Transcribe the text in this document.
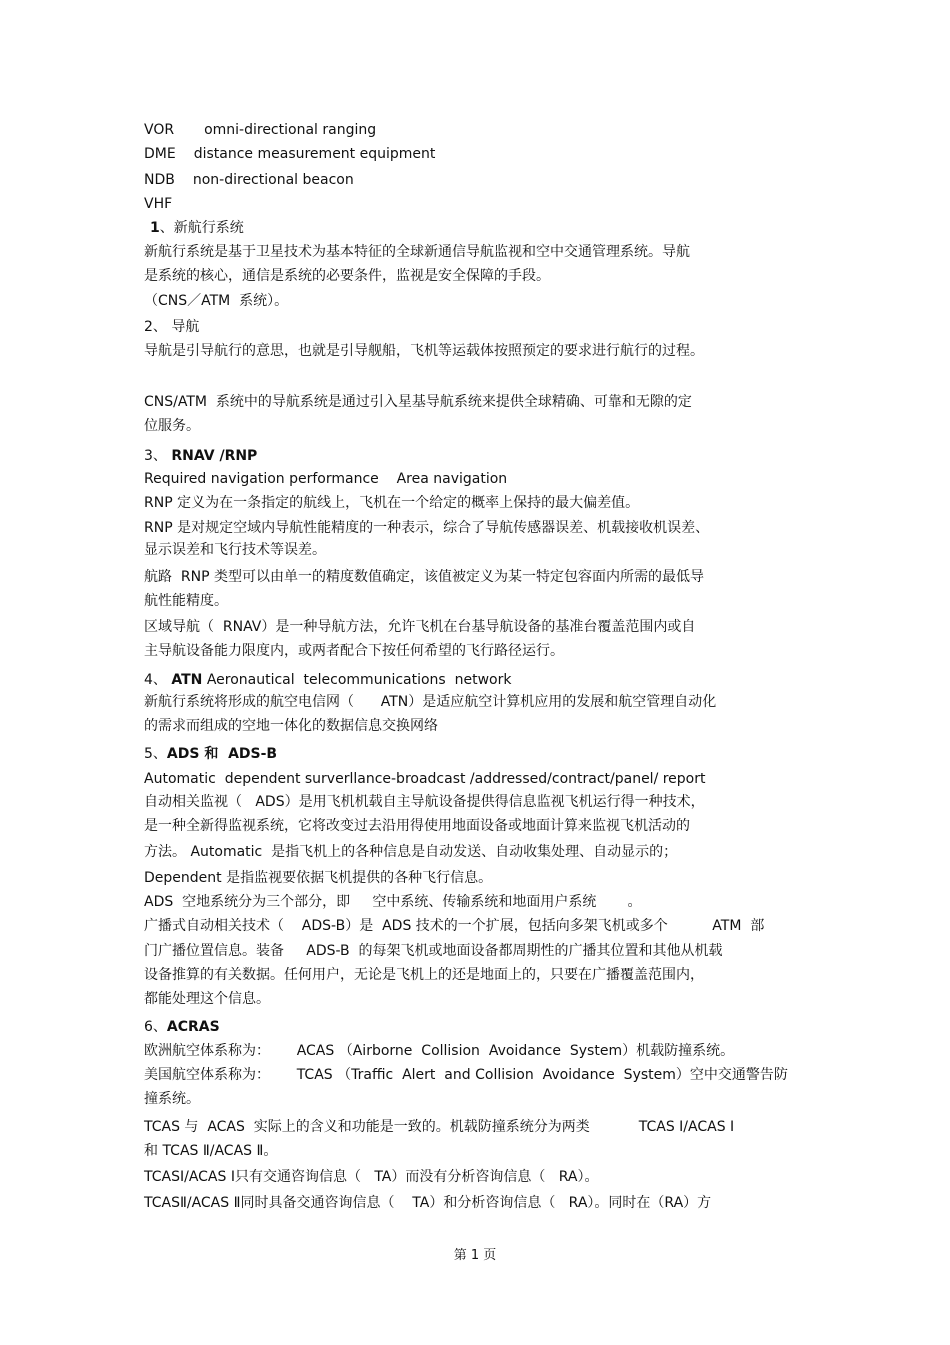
VOR omni-directional ranging
DME distance measurement equipment
NDB non-directional beacon
VHF
1、新航行系统
新航行系统是基于卫星技术为基本特征的全球新通信导航监视和空中交通管理系统。导航
是系统的核心，通信是系统的必要条件，监视是安全保障的手段。
（CNS／ATM  系统）。
2、 导航
导航是引导航行的意思，也就是引导舰船，飞机等运载体按照预定的要求进行航行的过程。
CNS/ATM  系统中的导航系统是通过引入星基导航系统来提供全球精确、可靠和无隙的定
位服务。
3、 RNAV /RNP
Required navigation performance    Area navigation
RNP 定义为在一条指定的航线上，飞机在一个给定的概率上保持的最大偏差值。
RNP 是对规定空域内导航性能精度的一种表示，综合了导航传感器误差、机载接收机误差、
显示误差和飞行技术等误差。
航路  RNP 类型可以由单一的精度数值确定，该值被定义为某一特定包容面内所需的最低导
航性能精度。
区域导航（  RNAV）是一种导航方法，允许飞机在台基导航设备的基准台覆盖范围内或自
主导航设备能力限度内，或两者配合下按任何希望的飞行路径运行。
4、 ATN Aeronautical  telecommunications  network
新航行系统将形成的航空电信网（      ATN）是适应航空计算机应用的发展和航空管理自动化
的需求而组成的空地一体化的数据信息交换网络
5、ADS 和  ADS-B
Automatic  dependent surverllance-broadcast /addressed/contract/panel/ report
自动相关监视（   ADS）是用飞机机载自主导航设备提供得信息监视飞机运行得一种技术，
是一种全新得监视系统，它将改变过去沿用得使用地面设备或地面计算来监视飞机活动的
方法。 Automatic  是指飞机上的各种信息是自动发送、自动收集处理、自动显示的；
Dependent 是指监视要依据飞机提供的各种飞行信息。
ADS  空地系统分为三个部分，即     空中系统、传输系统和地面用户系统       。
广播式自动相关技术（    ADS-B）是  ADS 技术的一个扩展，包括向多架飞机或多个          ATM  部
门广播位置信息。装备     ADS-B  的每架飞机或地面设备都周期性的广播其位置和其他从机载
设备推算的有关数据。任何用户，无论是飞机上的还是地面上的，只要在广播覆盖范围内，
都能处理这个信息。
6、ACRAS
欧洲航空体系称为：      ACAS （Airborne  Collision  Avoidance  System）机载防撞系统。
美国航空体系称为：      TCAS （Traffic  Alert  and Collision  Avoidance  System）空中交通警告防
撞系统。
TCAS 与  ACAS  实际上的含义和功能是一致的。机载防撞系统分为两类           TCAS Ⅰ/ACAS Ⅰ
和 TCAS Ⅱ/ACAS Ⅱ。
TCASⅠ/ACAS Ⅰ只有交通咨询信息（   TA）而没有分析咨询信息（   RA）。
TCASⅡ/ACAS Ⅱ同时具备交通咨询信息（    TA）和分析咨询信息（   RA）。同时在（RA）方
第 1 页
